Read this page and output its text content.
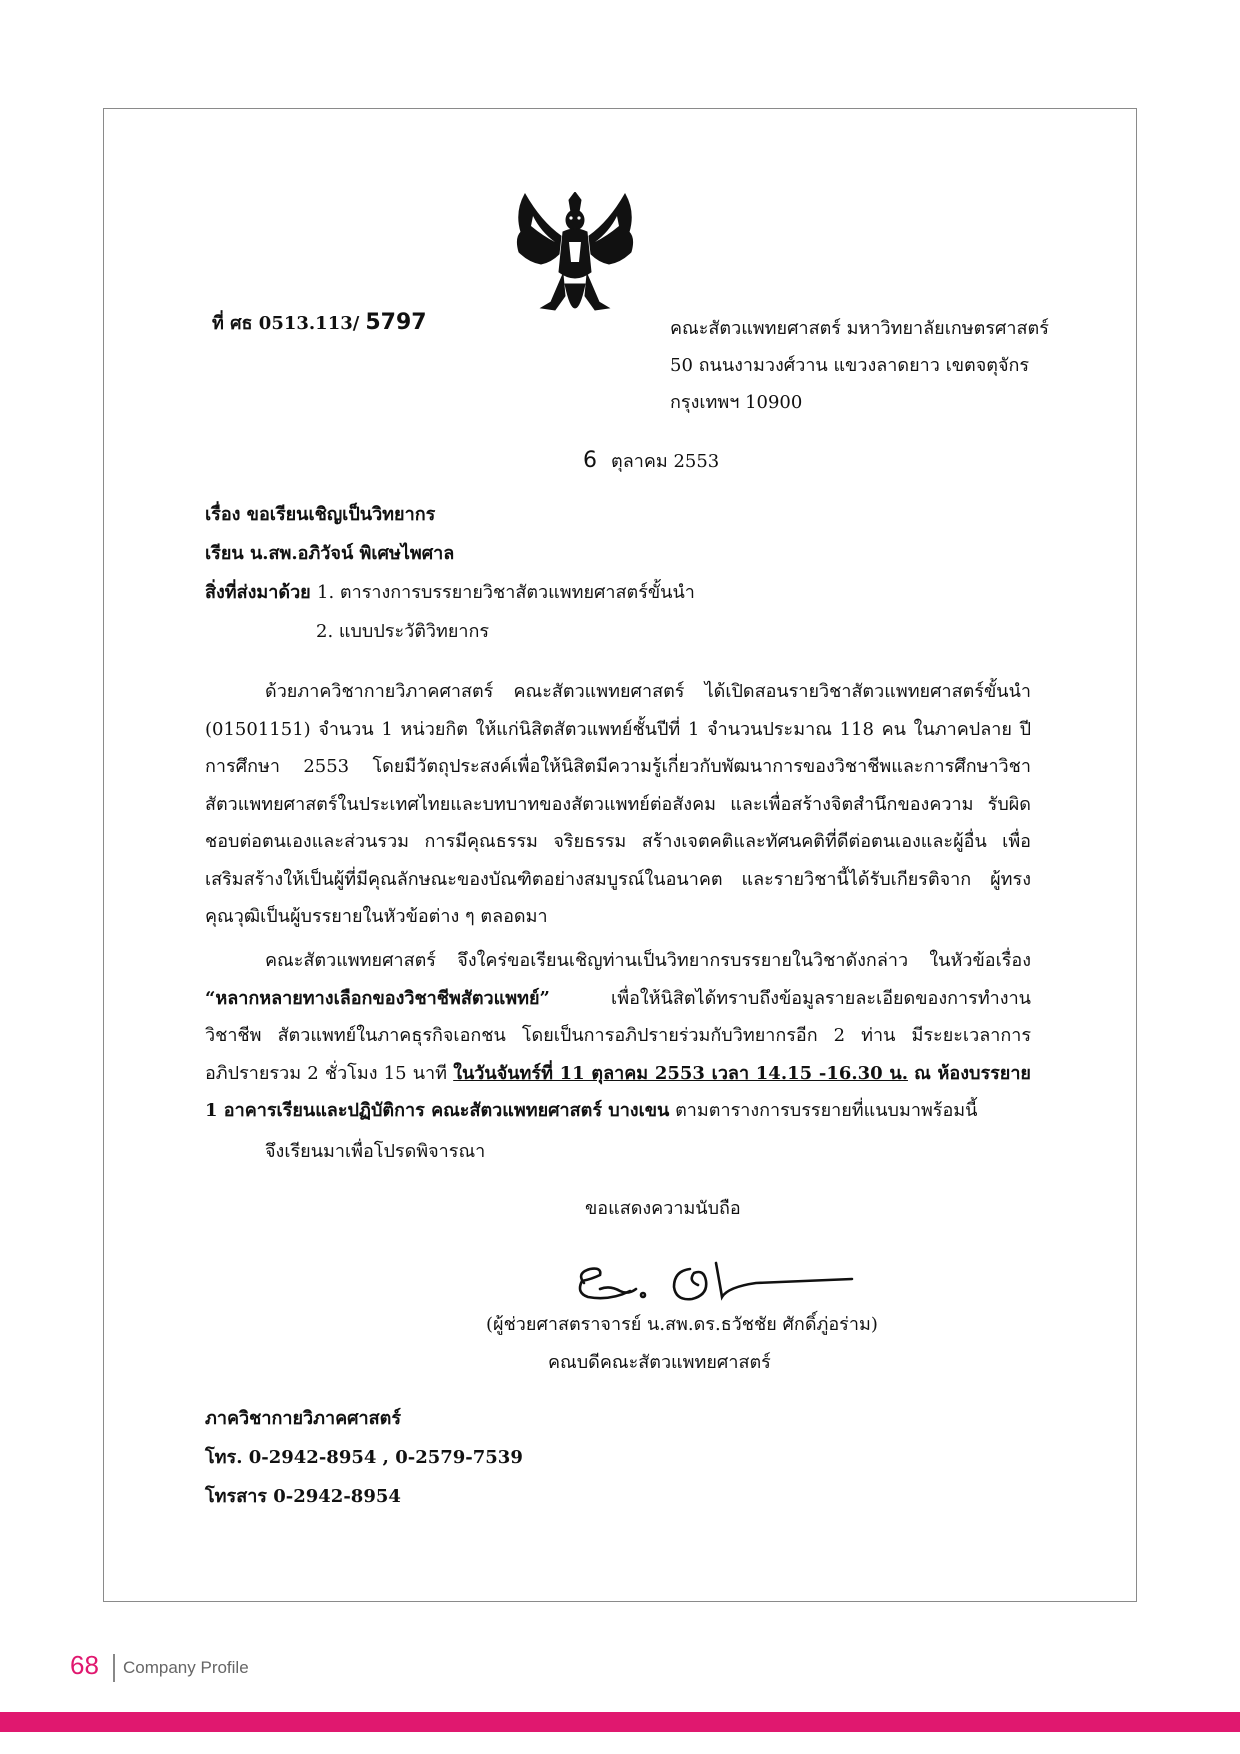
ที่ ศธ 0513.113/ 5797	คณะสัตวแพทยศาสตร์ มหาวิทยาลัยเกษตรศาสตร์
50 ถนนงามวงศ์วาน แขวงลาดยาว เขตจตุจักร
กรุงเทพฯ 10900
6 ตุลาคม 2553
เรื่อง ขอเรียนเชิญเป็นวิทยากร
เรียน น.สพ.อภิวัจน์ พิเศษไพศาล
สิ่งที่ส่งมาด้วย 1. ตารางการบรรยายวิชาสัตวแพทยศาสตร์ขั้นนำ
2. แบบประวัติวิทยากร

ด้วยภาควิชากายวิภาคศาสตร์ คณะสัตวแพทยศาสตร์ ได้เปิดสอนรายวิชาสัตวแพทยศาสตร์ขั้นนำ (01501151) จำนวน 1 หน่วยกิต ให้แก่นิสิตสัตวแพทย์ชั้นปีที่ 1 จำนวนประมาณ 118 คน ในภาคปลาย ปีการศึกษา 2553 โดยมีวัตถุประสงค์เพื่อให้นิสิตมีความรู้เกี่ยวกับพัฒนาการของวิชาชีพและการศึกษาวิชา สัตวแพทยศาสตร์ในประเทศไทยและบทบาทของสัตวแพทย์ต่อสังคม และเพื่อสร้างจิตสำนึกของความ รับผิดชอบต่อตนเองและส่วนรวม การมีคุณธรรม จริยธรรม สร้างเจตคติและทัศนคติที่ดีต่อตนเองและผู้อื่น เพื่อ เสริมสร้างให้เป็นผู้ที่มีคุณลักษณะของบัณฑิตอย่างสมบูรณ์ในอนาคต และรายวิชานี้ได้รับเกียรติจาก ผู้ทรงคุณวุฒิเป็นผู้บรรยายในหัวข้อต่าง ๆ ตลอดมา

คณะสัตวแพทยศาสตร์ จึงใคร่ขอเรียนเชิญท่านเป็นวิทยากรบรรยายในวิชาดังกล่าว ในหัวข้อเรื่อง “หลากหลายทางเลือกของวิชาชีพสัตวแพทย์”	เพื่อให้นิสิตได้ทราบถึงข้อมูลรายละเอียดของการทำงานวิชาชีพ สัตวแพทย์ในภาคธุรกิจเอกชน โดยเป็นการอภิปรายร่วมกับวิทยากรอีก 2 ท่าน มีระยะเวลาการอภิปรายรวม 2 ชั่วโมง 15 นาที ในวันจันทร์ที่ 11 ตุลาคม 2553 เวลา 14.15 -16.30 น. ณ ห้องบรรยาย 1 อาคารเรียนและปฏิบัติการ คณะสัตวแพทยศาสตร์ บางเขน ตามตารางการบรรยายที่แนบมาพร้อมนี้

จึงเรียนมาเพื่อโปรดพิจารณา
ขอแสดงความนับถือ
(ผู้ช่วยศาสตราจารย์ น.สพ.ดร.ธวัชชัย ศักดิ์ภู่อร่าม)
คณบดีคณะสัตวแพทยศาสตร์
ภาควิชากายวิภาคศาสตร์
โทร. 0-2942-8954 , 0-2579-7539
โทรสาร 0-2942-8954
68 Company Profile
